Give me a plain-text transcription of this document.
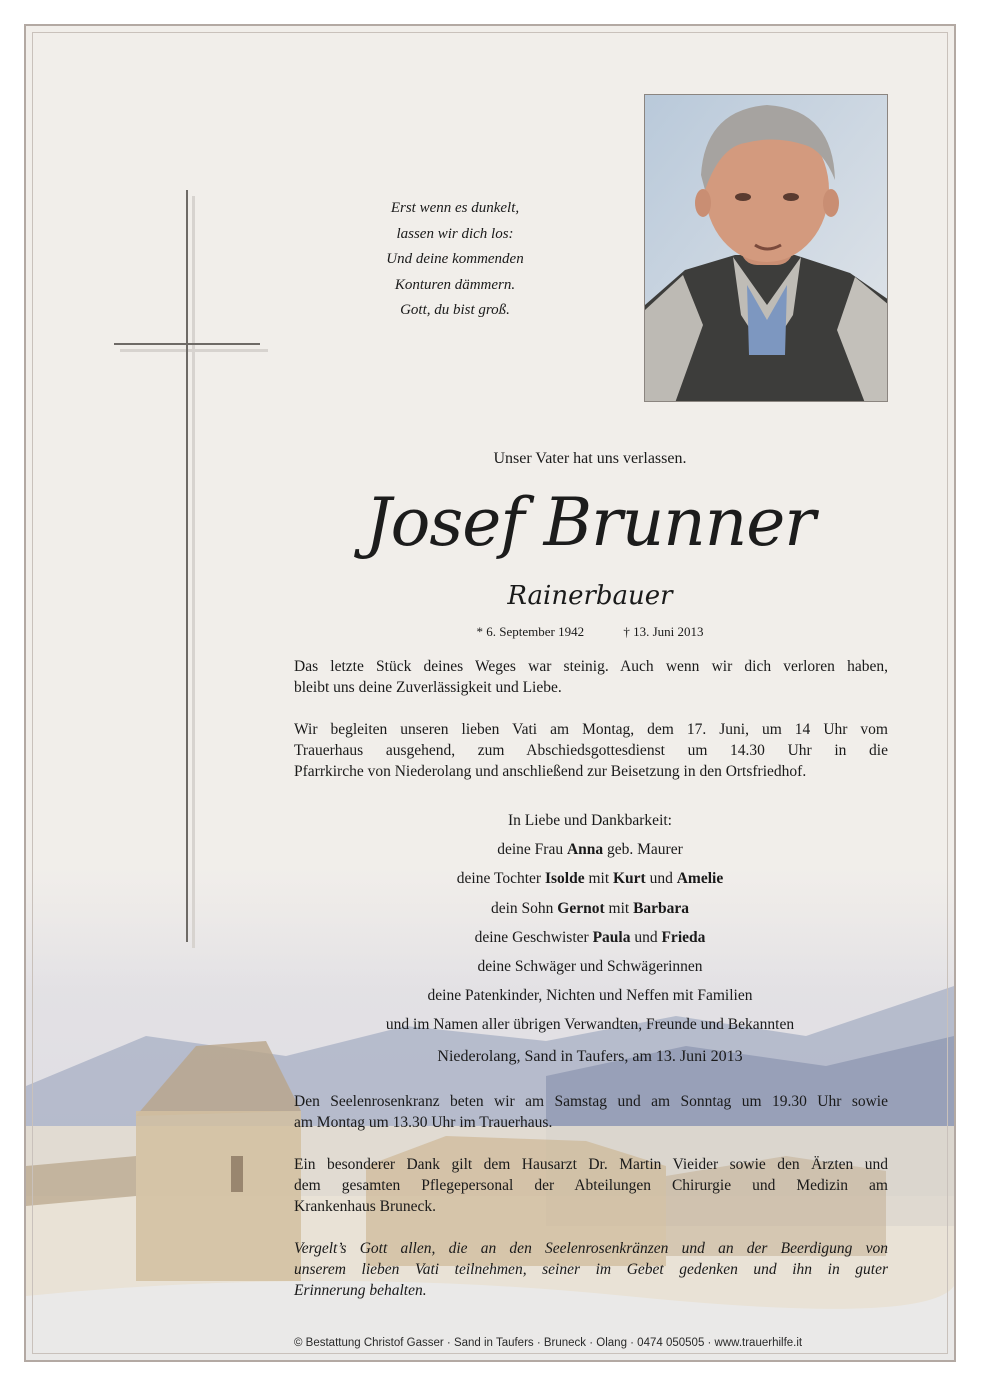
Erst wenn es dunkelt,
lassen wir dich los:
Und deine kommenden
Konturen dämmern.
Gott, du bist groß.
Unser Vater hat uns verlassen.
Josef Brunner
Rainerbauer
* 6. September 1942	† 13. Juni 2013
Das letzte Stück deines Weges war steinig. Auch wenn wir dich verloren haben,
bleibt uns deine Zuverlässigkeit und Liebe.
Wir begleiten unseren lieben Vati am Montag, dem 17. Juni, um 14 Uhr vom
Trauerhaus ausgehend, zum Abschiedsgottesdienst um 14.30 Uhr in die
Pfarrkirche von Niederolang und anschließend zur Beisetzung in den Ortsfriedhof.
In Liebe und Dankbarkeit:
deine Frau Anna geb. Maurer
deine Tochter Isolde mit Kurt und Amelie
dein Sohn Gernot mit Barbara
deine Geschwister Paula und Frieda
deine Schwäger und Schwägerinnen
deine Patenkinder, Nichten und Neffen mit Familien
und im Namen aller übrigen Verwandten, Freunde und Bekannten
Niederolang, Sand in Taufers, am 13. Juni 2013
Den Seelenrosenkranz beten wir am Samstag und am Sonntag um 19.30 Uhr sowie
am Montag um 13.30 Uhr im Trauerhaus.
Ein besonderer Dank gilt dem Hausarzt Dr. Martin Vieider sowie den Ärzten und
dem gesamten Pflegepersonal der Abteilungen Chirurgie und Medizin am
Krankenhaus Bruneck.
Vergelt’s Gott allen, die an den Seelenrosenkränzen und an der Beerdigung von
unserem lieben Vati teilnehmen, seiner im Gebet gedenken und ihn in guter
Erinnerung behalten.
© Bestattung Christof Gasser · Sand in Taufers · Bruneck · Olang · 0474 050505 · www.trauerhilfe.it
